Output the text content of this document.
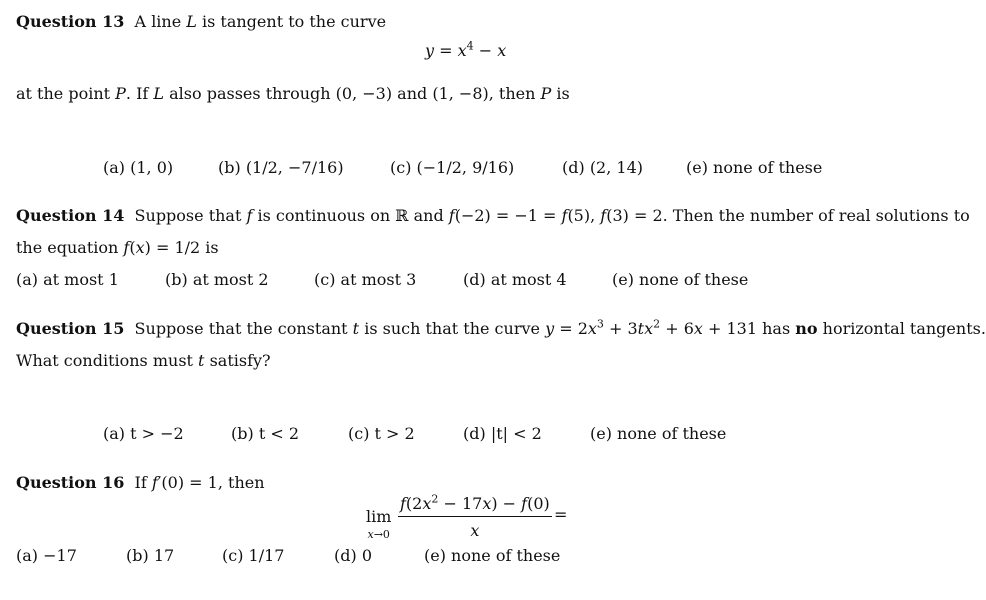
Question 13 A line L is tangent to the curve
$y = x^4 - x$
at the point P. If L also passes through (0, −3) and (1, −8), then P is
(a) (1, 0)	(b) (1/2, −7/16)	(c) (−1/2, 9/16)	(d) (2, 14)	(e) none of these
Question 14  Suppose that f is continuous on ℝ and f(−2) = −1 = f(5), f(3) = 2. Then the number of real solutions to
the equation f(x) = 1/2 is
(a) at most 1	(b) at most 2	(c) at most 3	(d) at most 4	(e) none of these
Question 15  Suppose that the constant t is such that the curve $y = 2x^3 + 3tx^2 + 6x + 131$ has no horizontal tangents.
What conditions must t satisfy?
(a) t > −2	(b) t < 2	(c) t > 2	(d) |t| < 2	(e) none of these
Question 16  If f′(0) = 1, then
lim
$x\to 0 \frac{f(2x^2 - 17x) - f(0)}{x}$ =
(a) −17	(b) 17	(c) 1/17	(d) 0	(e) none of these
